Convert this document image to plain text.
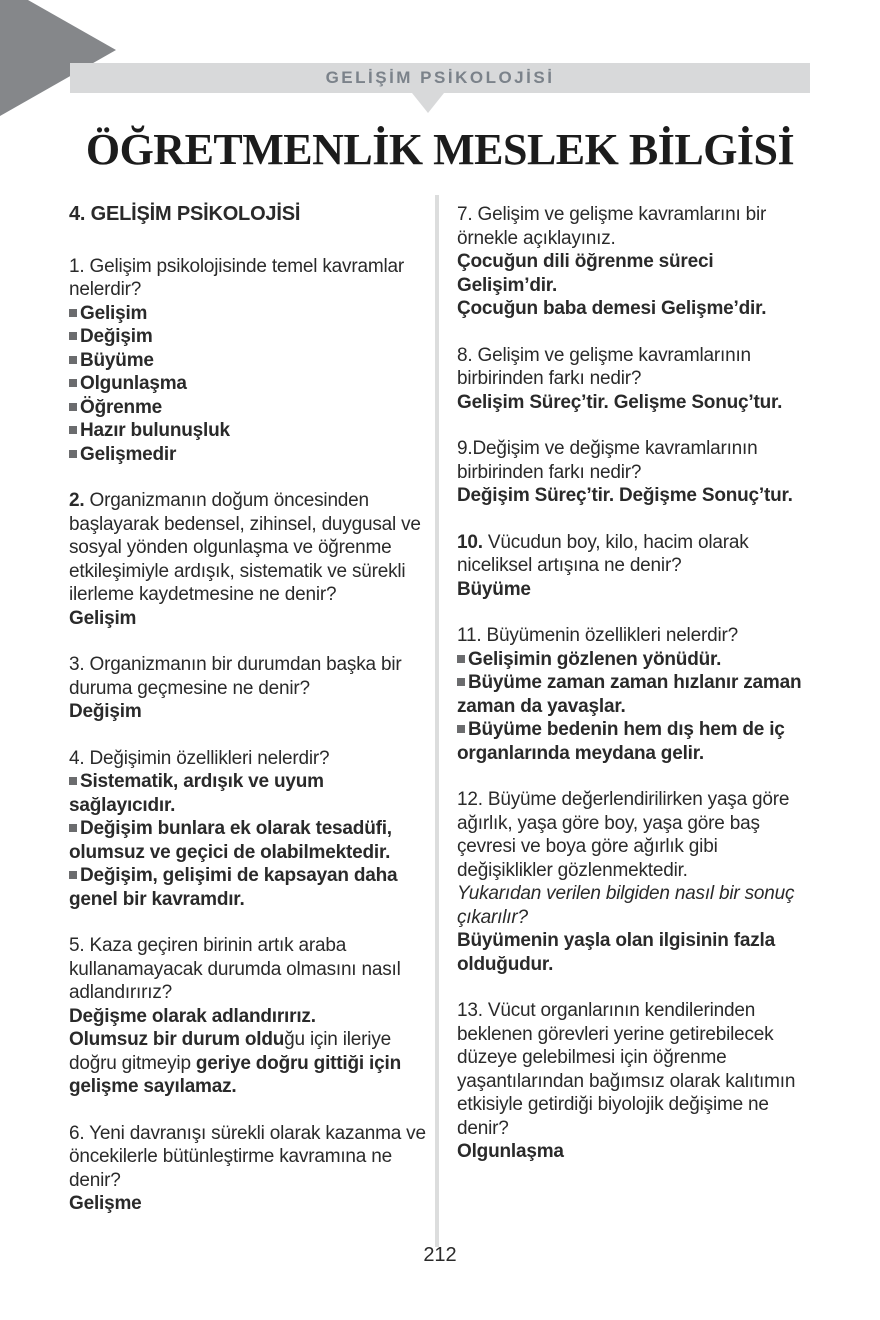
GELİŞİM PSİKOLOJİSİ
ÖĞRETMENLİK MESLEK BİLGİSİ

4. GELİŞİM PSİKOLOJİSİ

1. Gelişim psikolojisinde temel kavramlar nelerdir?

Gelişim

Değişim

Büyüme

Olgunlaşma

Öğrenme

Hazır bulunuşluk

Gelişmedir

2. Organizmanın doğum öncesinden başlayarak bedensel, zihinsel, duygusal ve sosyal yönden olgunlaşma ve öğrenme etkileşimiyle ardışık, sistematik ve sürekli ilerleme kaydetmesine ne denir?

Gelişim

3. Organizmanın bir durumdan başka bir duruma geçmesine ne denir?

Değişim

4. Değişimin özellikleri nelerdir?

Sistematik, ardışık ve uyum sağlayıcıdır.

Değişim bunlara ek olarak tesadüfi, olumsuz ve geçici de olabilmektedir.

Değişim, gelişimi de kapsayan daha genel bir kavramdır.

5. Kaza geçiren birinin artık araba kullanamayacak durumda olmasını nasıl adlandırırız?

Değişme olarak adlandırırız.

Olumsuz bir durum olduğu için ileriye doğru gitmeyip geriye doğru gittiği için gelişme sayılamaz.

6. Yeni davranışı sürekli olarak kazanma ve öncekilerle bütünleştirme kavramına ne denir?

Gelişme

7. Gelişim ve gelişme kavramlarını bir örnekle açıklayınız.

Çocuğun dili öğrenme süreci Gelişim’dir.

Çocuğun baba demesi Gelişme’dir.

8. Gelişim ve gelişme kavramlarının birbirinden farkı nedir?

Gelişim Süreç’tir. Gelişme Sonuç’tur.

9.Değişim ve değişme kavramlarının birbirinden farkı nedir?

Değişim Süreç’tir. Değişme Sonuç’tur.

10. Vücudun boy, kilo, hacim olarak niceliksel artışına ne denir?

Büyüme

11. Büyümenin özellikleri nelerdir?

Gelişimin gözlenen yönüdür.

Büyüme zaman zaman hızlanır zaman zaman da yavaşlar.

Büyüme bedenin hem dış hem de iç organlarında meydana gelir.

12. Büyüme değerlendirilirken yaşa göre ağırlık, yaşa göre boy, yaşa göre baş çevresi ve boya göre ağırlık gibi değişiklikler gözlenmektedir.

Yukarıdan verilen bilgiden nasıl bir sonuç çıkarılır?

Büyümenin yaşla olan ilgisinin fazla olduğudur.

13. Vücut organlarının kendilerinden beklenen görevleri yerine getirebilecek düzeye gelebilmesi için öğrenme yaşantılarından bağımsız olarak kalıtımın etkisiyle getirdiği biyolojik değişime ne denir?

Olgunlaşma

212
